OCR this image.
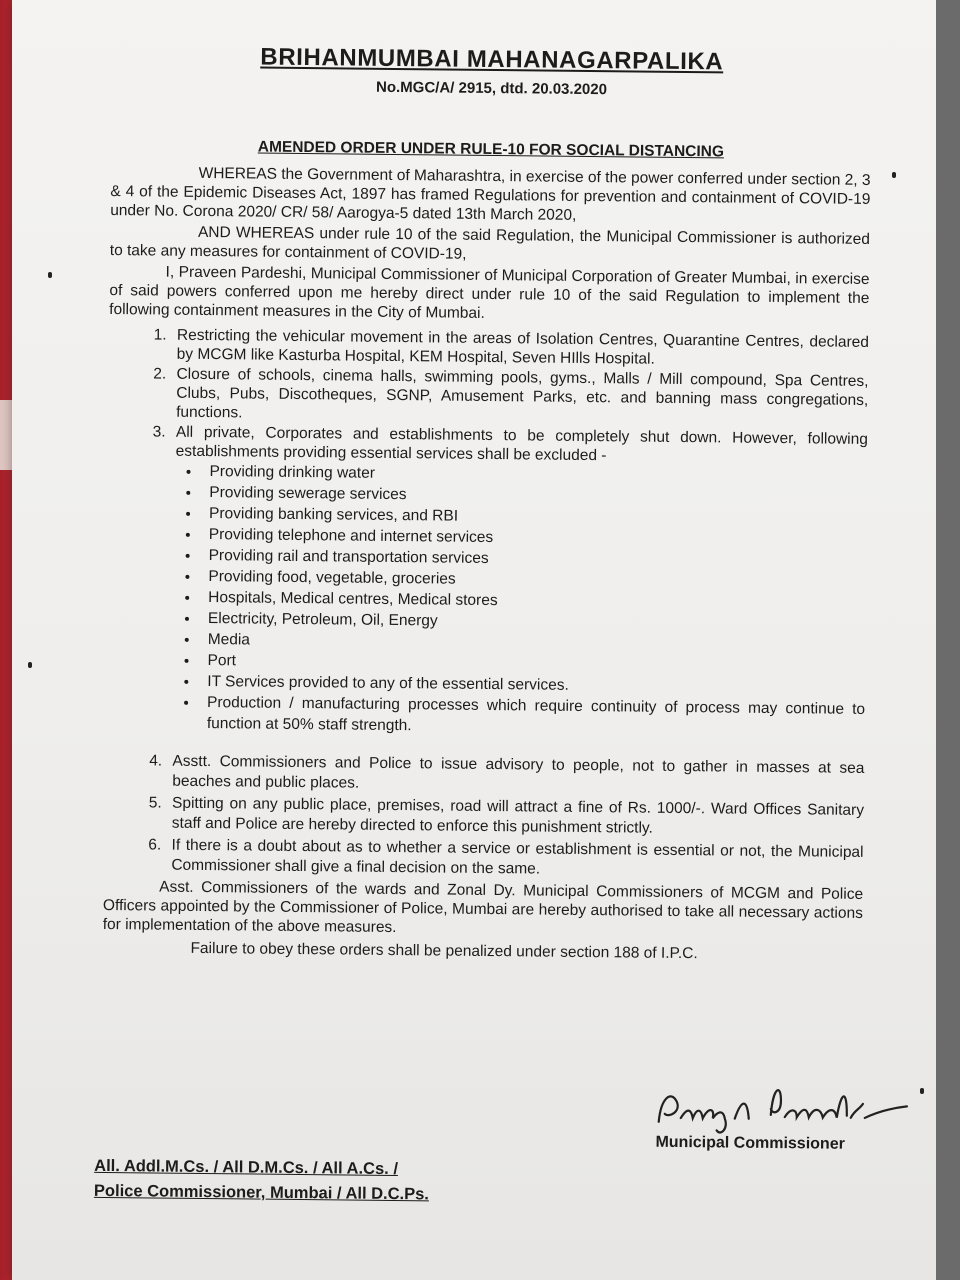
BRIHANMUMBAI MAHANAGARPALIKA

No.MGC/A/ 2915, dtd. 20.03.2020

AMENDED ORDER UNDER RULE-10 FOR SOCIAL DISTANCING

WHEREAS the Government of Maharashtra, in exercise of the power conferred under section 2, 3 & 4 of the Epidemic Diseases Act, 1897 has framed Regulations for prevention and containment of COVID-19 under No. Corona 2020/ CR/ 58/ Aarogya-5 dated 13th March 2020,

AND WHEREAS under rule 10 of the said Regulation, the Municipal Commissioner is authorized to take any measures for containment of COVID-19,

I, Praveen Pardeshi, Municipal Commissioner of Municipal Corporation of Greater Mumbai, in exercise of said powers conferred upon me hereby direct under rule 10 of the said Regulation to implement the following containment measures in the City of Mumbai.

1. Restricting the vehicular movement in the areas of Isolation Centres, Quarantine Centres, declared by MCGM like Kasturba Hospital, KEM Hospital, Seven HIlls Hospital.
2. Closure of schools, cinema halls, swimming pools, gyms., Malls / Mill compound, Spa Centres, Clubs, Pubs, Discotheques, SGNP, Amusement Parks, etc. and banning mass congregations, functions.
3. All private, Corporates and establishments to be completely shut down. However, following establishments providing essential services shall be excluded -
• Providing drinking water
• Providing sewerage services
• Providing banking services, and RBI
• Providing telephone and internet services
• Providing rail and transportation services
• Providing food, vegetable, groceries
• Hospitals, Medical centres, Medical stores
• Electricity, Petroleum, Oil, Energy
• Media
• Port
• IT Services provided to any of the essential services.
• Production / manufacturing processes which require continuity of process may continue to function at 50% staff strength.
4. Asstt. Commissioners and Police to issue advisory to people, not to gather in masses at sea beaches and public places.
5. Spitting on any public place, premises, road will attract a fine of Rs. 1000/-. Ward Offices Sanitary staff and Police are hereby directed to enforce this punishment strictly.
6. If there is a doubt about as to whether a service or establishment is essential or not, the Municipal Commissioner shall give a final decision on the same.

Asst. Commissioners of the wards and Zonal Dy. Municipal Commissioners of MCGM and Police Officers appointed by the Commissioner of Police, Mumbai are hereby authorised to take all necessary actions for implementation of the above measures.

Failure to obey these orders shall be penalized under section 188 of I.P.C.

Municipal Commissioner

All. Addl.M.Cs. / All D.M.Cs. / All A.Cs. /
Police Commissioner, Mumbai / All D.C.Ps.
